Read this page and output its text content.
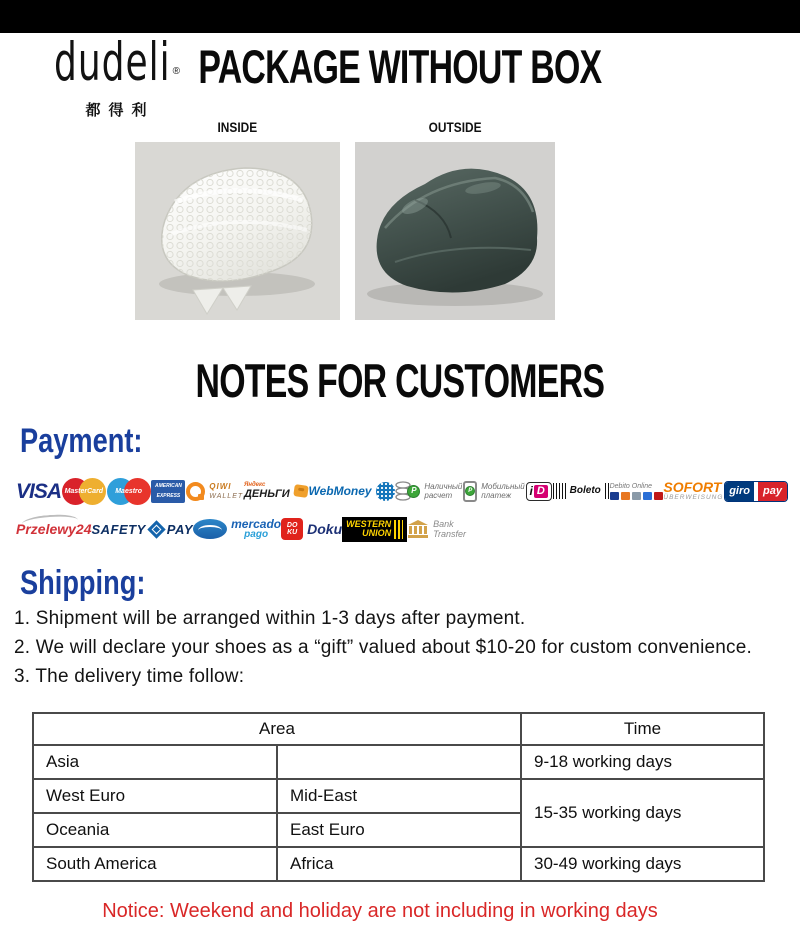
dudeli ®
都得利
PACKAGE WITHOUT BOX
INSIDE	OUTSIDE
NOTES FOR CUSTOMERS
Payment:
VISA MasterCard	Maestro
AMERICAN
EXPRESS
QIWI
WALLET
Яндекс
ДЕНЬГИ WebMoney	P Наличный
расчет	P	Мобильный
платеж	i D	Boleto Debito Online SOFORT
ÜBERWEISUNG
giro	pay
Przelewy24 SAFETY PAY	mercado
pago
DO
KU Doku WESTERN
UNION
Bank
Transfer
Shipping:
1. Shipment will be arranged within 1-3 days after payment.
2. We will declare your shoes as a “gift” valued about $10-20 for custom convenience.
3. The delivery time follow:
Area		Time
Asia		9-18 working days
West Euro	Mid-East	15-35 working days
Oceania	East Euro	
South America	Africa	30-49 working days
Notice: Weekend and holiday are not including in working days
